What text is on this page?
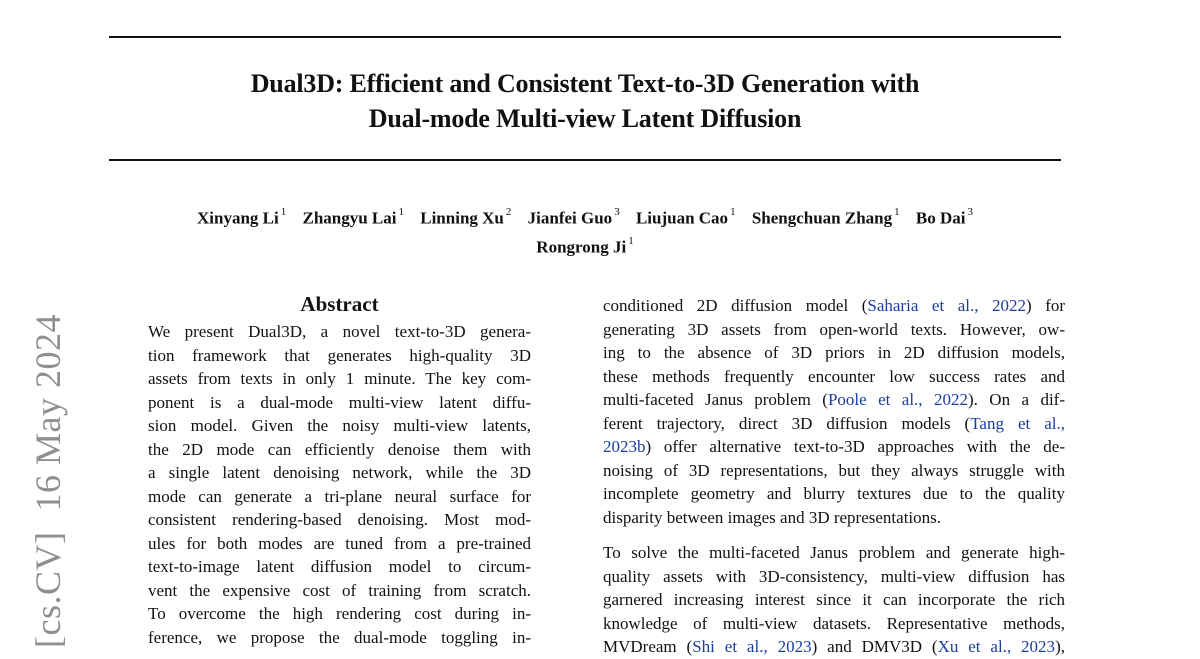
Dual3D: Efficient and Consistent Text-to-3D Generation with
Dual-mode Multi-view Latent Diffusion
Xinyang Li $^1$ Zhangyu Lai $^1$ Linning Xu $^2$ Jianfei Guo $^3$ Liujuan Cao $^1$ Shengchuan Zhang $^1$ Bo Dai $^3$
Rongrong Ji $^1$
[cs.CV]16 May 2024
Abstract

We present Dual3D, a novel text-to-3D genera-
tion framework that generates high-quality 3D
assets from texts in only 1 minute. The key com-
ponent is a dual-mode multi-view latent diffu-
sion model. Given the noisy multi-view latents,
the 2D mode can efficiently denoise them with
a single latent denoising network, while the 3D
mode can generate a tri-plane neural surface for
consistent rendering-based denoising. Most mod-
ules for both modes are tuned from a pre-trained
text-to-image latent diffusion model to circum-
vent the expensive cost of training from scratch.
To overcome the high rendering cost during in-
ference, we propose the dual-mode toggling in-

conditioned 2D diffusion model (Saharia et al., 2022) for
generating 3D assets from open-world texts. However, ow-
ing to the absence of 3D priors in 2D diffusion models,
these methods frequently encounter low success rates and
multi-faceted Janus problem (Poole et al., 2022). On a dif-
ferent trajectory, direct 3D diffusion models (Tang et al.,
2023b) offer alternative text-to-3D approaches with the de-
noising of 3D representations, but they always struggle with
incomplete geometry and blurry textures due to the quality
disparity between images and 3D representations.

To solve the multi-faceted Janus problem and generate high-
quality assets with 3D-consistency, multi-view diffusion has
garnered increasing interest since it can incorporate the rich
knowledge of multi-view datasets. Representative methods,
MVDream (Shi et al., 2023) and DMV3D (Xu et al., 2023),
